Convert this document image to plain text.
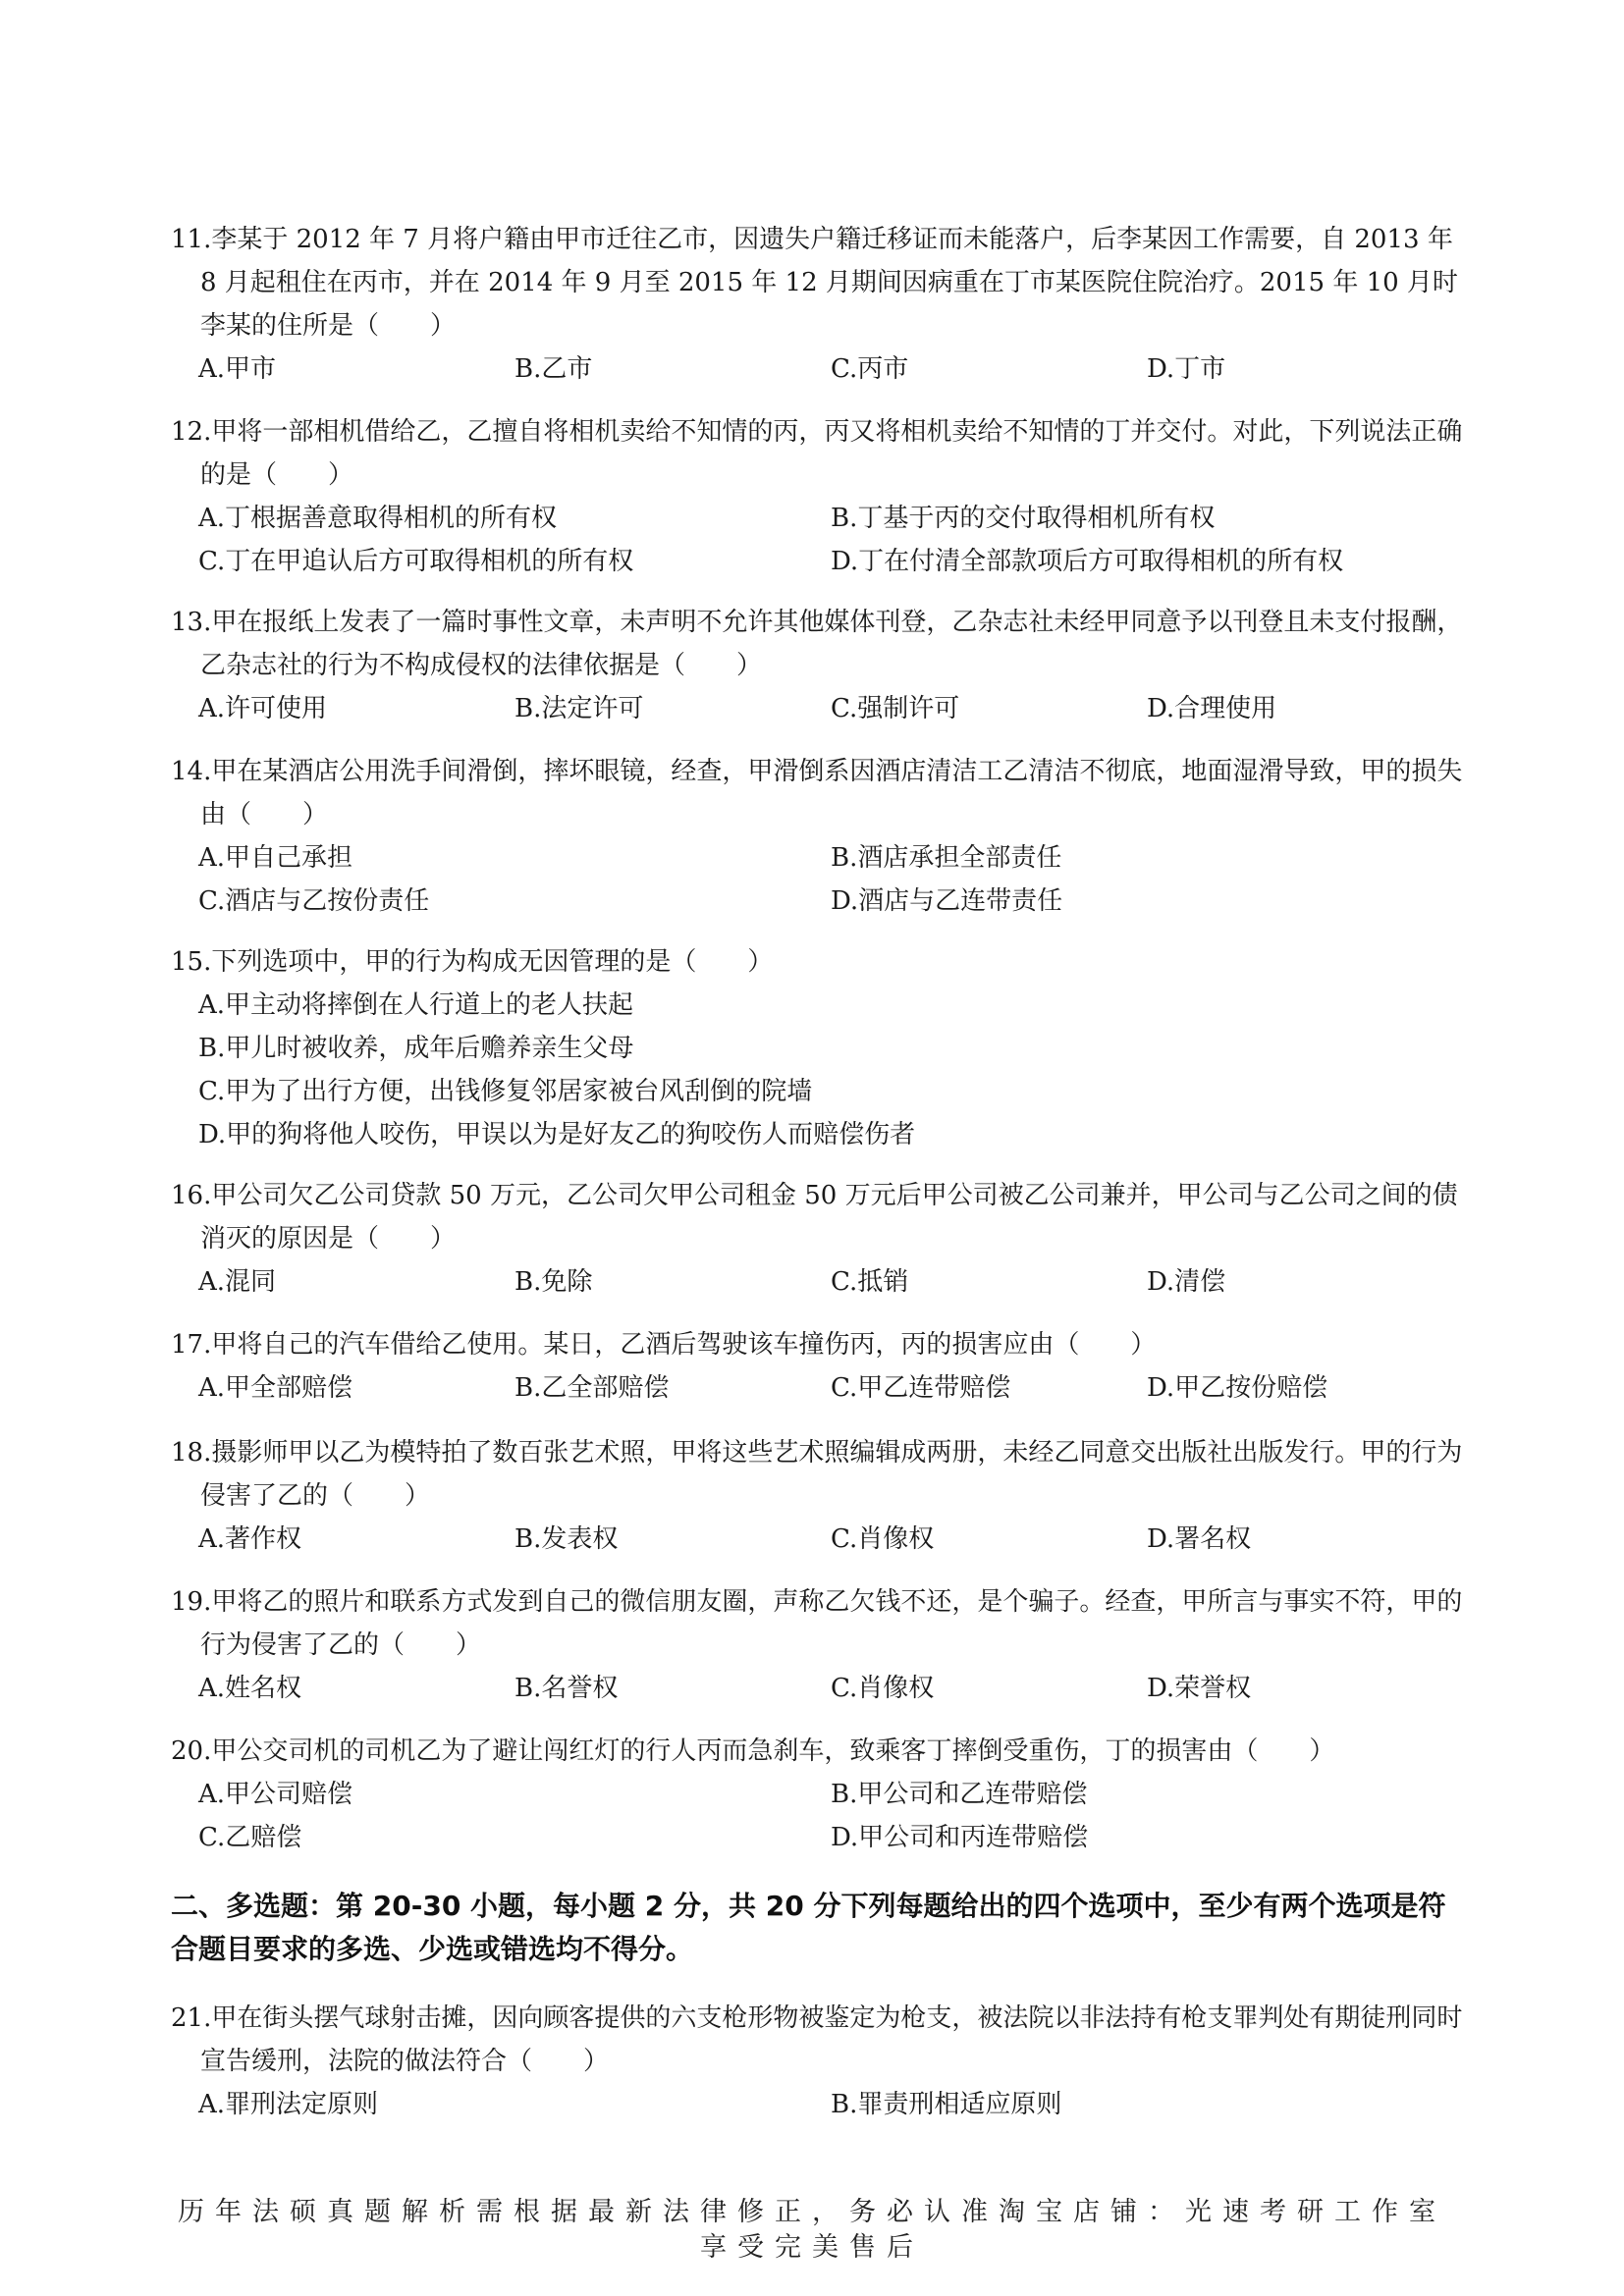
11.李某于 2012 年 7 月将户籍由甲市迁往乙市，因遗失户籍迁移证而未能落户，后李某因工作需要，自 2013 年 8 月起租住在丙市，并在 2014 年 9 月至 2015 年 12 月期间因病重在丁市某医院住院治疗。2015 年 10 月时李某的住所是（　　）
A.甲市	B.乙市	C.丙市	D.丁市
12.甲将一部相机借给乙，乙擅自将相机卖给不知情的丙，丙又将相机卖给不知情的丁并交付。对此，下列说法正确的是（　　）
A.丁根据善意取得相机的所有权	B.丁基于丙的交付取得相机所有权
C.丁在甲追认后方可取得相机的所有权	D.丁在付清全部款项后方可取得相机的所有权
13.甲在报纸上发表了一篇时事性文章，未声明不允许其他媒体刊登，乙杂志社未经甲同意予以刊登且未支付报酬，乙杂志社的行为不构成侵权的法律依据是（　　）
A.许可使用	B.法定许可	C.强制许可	D.合理使用
14.甲在某酒店公用洗手间滑倒，摔坏眼镜，经查，甲滑倒系因酒店清洁工乙清洁不彻底，地面湿滑导致，甲的损失由（　　）
A.甲自己承担	B.酒店承担全部责任
C.酒店与乙按份责任	D.酒店与乙连带责任
15.下列选项中，甲的行为构成无因管理的是（　　）
A.甲主动将摔倒在人行道上的老人扶起
B.甲儿时被收养，成年后赡养亲生父母
C.甲为了出行方便，出钱修复邻居家被台风刮倒的院墙
D.甲的狗将他人咬伤，甲误以为是好友乙的狗咬伤人而赔偿伤者
16.甲公司欠乙公司贷款 50 万元，乙公司欠甲公司租金 50 万元后甲公司被乙公司兼并，甲公司与乙公司之间的债消灭的原因是（　　）
A.混同	B.免除	C.抵销	D.清偿
17.甲将自己的汽车借给乙使用。某日，乙酒后驾驶该车撞伤丙，丙的损害应由（　　）
A.甲全部赔偿	B.乙全部赔偿	C.甲乙连带赔偿	D.甲乙按份赔偿
18.摄影师甲以乙为模特拍了数百张艺术照，甲将这些艺术照编辑成两册，未经乙同意交出版社出版发行。甲的行为侵害了乙的（　　）
A.著作权	B.发表权	C.肖像权	D.署名权
19.甲将乙的照片和联系方式发到自己的微信朋友圈，声称乙欠钱不还，是个骗子。经查，甲所言与事实不符，甲的行为侵害了乙的（　　）
A.姓名权	B.名誉权	C.肖像权	D.荣誉权
20.甲公交司机的司机乙为了避让闯红灯的行人丙而急刹车，致乘客丁摔倒受重伤，丁的损害由（　　）
A.甲公司赔偿	B.甲公司和乙连带赔偿
C.乙赔偿	D.甲公司和丙连带赔偿
二、多选题：第 20-30 小题，每小题 2 分，共 20 分下列每题给出的四个选项中，至少有两个选项是符合题目要求的多选、少选或错选均不得分。
21.甲在街头摆气球射击摊，因向顾客提供的六支枪形物被鉴定为枪支，被法院以非法持有枪支罪判处有期徒刑同时宣告缓刑，法院的做法符合（　　）
A.罪刑法定原则	B.罪责刑相适应原则
历年法硕真题解析需根据最新法律修正，务必认准淘宝店铺：光速考研工作室
享受完美售后
